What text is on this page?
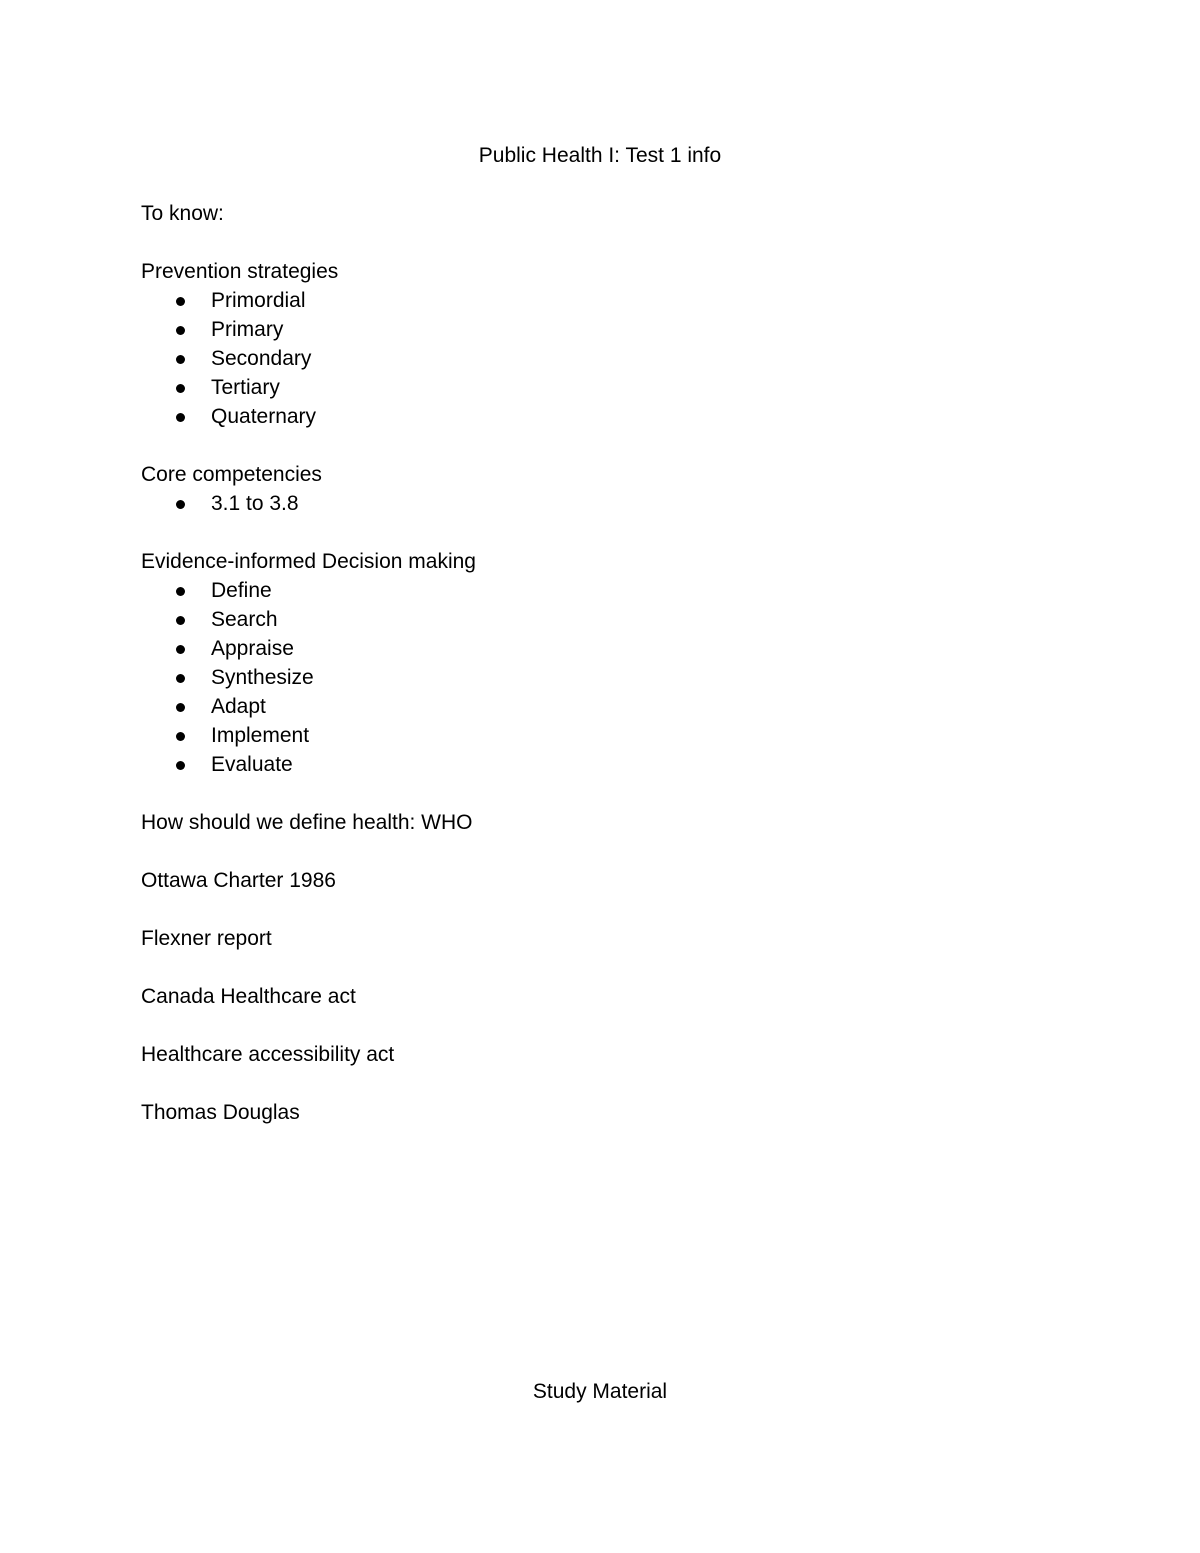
Public Health I: Test 1 info

To know:

Prevention strategies

Primordial
Primary
Secondary
Tertiary
Quaternary

Core competencies

3.1 to 3.8

Evidence-informed Decision making

Define
Search
Appraise
Synthesize
Adapt
Implement
Evaluate

How should we define health: WHO

Ottawa Charter 1986

Flexner report

Canada Healthcare act

Healthcare accessibility act

Thomas Douglas

Study Material
